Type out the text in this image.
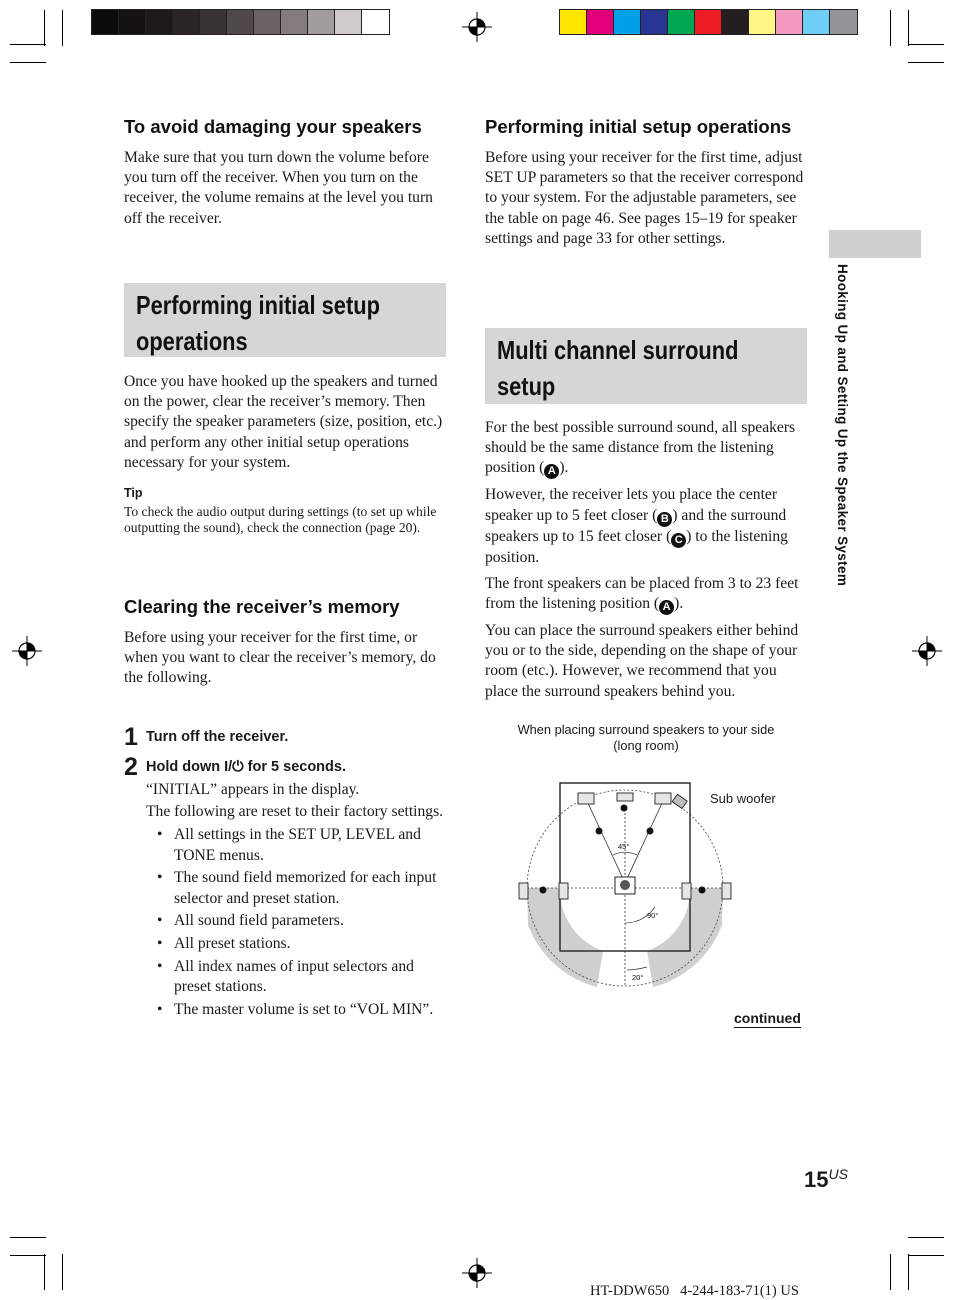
To avoid damaging your speakers

Make sure that you turn down the volume before you turn off the receiver. When you turn on the receiver, the volume remains at the level you turn off the receiver.

Performing initial setup
operations

Once you have hooked up the speakers and turned on the power, clear the receiver’s memory. Then specify the speaker parameters (size, position, etc.) and perform any other initial setup operations necessary for your system.

Tip

To check the audio output during settings (to set up while outputting the sound), check the connection (page 20).

Clearing the receiver’s memory

Before using your receiver for the first time, or when you want to clear the receiver’s memory, do the following.

1 Turn off the receiver.
2 Hold down I/⏻ for 5 seconds.

“INITIAL” appears in the display.

The following are reset to their factory settings.

• All settings in the SET UP, LEVEL and TONE menus.
• The sound field memorized for each input selector and preset station.
• All sound field parameters.
• All preset stations.
• All index names of input selectors and preset stations.
• The master volume is set to “VOL MIN”.
Performing initial setup operations

Before using your receiver for the first time, adjust SET UP parameters so that the receiver correspond to your system. For the adjustable parameters, see the table on page 46. See pages 15–19 for speaker settings and page 33 for other settings.

Multi channel surround
setup

For the best possible surround sound, all speakers should be the same distance from the listening position ( A ).

However, the receiver lets you place the center speaker up to 5 feet closer ( B ) and the surround speakers up to 15 feet closer ( C ) to the listening position.

The front speakers can be placed from 3 to 23 feet from the listening position ( A ).

You can place the surround speakers either behind you or to the side, depending on the shape of your room (etc.). However, we recommend that you place the surround speakers behind you.

When placing surround speakers to your side
(long room)
45°
90°
20°
Sub woofer
continued
Hooking Up and Setting Up the Speaker System
$15^{US}$
HT-DDW650   4-244-183-71(1) US
